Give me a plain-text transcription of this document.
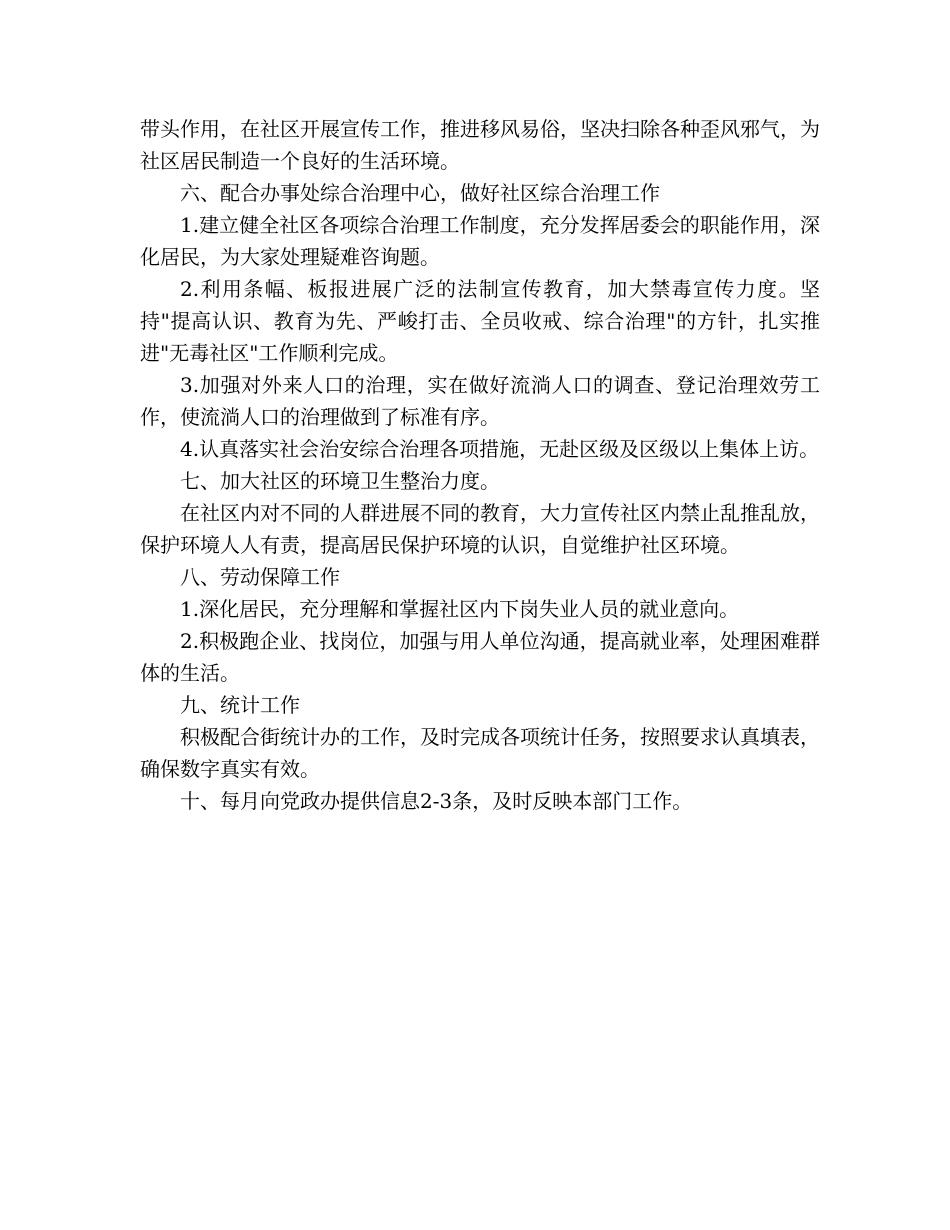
带头作用，在社区开展宣传工作，推进移风易俗，坚决扫除各种歪风邪气，为社区居民制造一个良好的生活环境。

六、配合办事处综合治理中心，做好社区综合治理工作

1.建立健全社区各项综合治理工作制度，充分发挥居委会的职能作用，深化居民，为大家处理疑难咨询题。

2.利用条幅、板报进展广泛的法制宣传教育，加大禁毒宣传力度。坚持"提高认识、教育为先、严峻打击、全员收戒、综合治理"的方针，扎实推进"无毒社区"工作顺利完成。

3.加强对外来人口的治理，实在做好流淌人口的调查、登记治理效劳工作，使流淌人口的治理做到了标准有序。

4.认真落实社会治安综合治理各项措施，无赴区级及区级以上集体上访。

七、加大社区的环境卫生整治力度。

在社区内对不同的人群进展不同的教育，大力宣传社区内禁止乱推乱放，保护环境人人有责，提高居民保护环境的认识，自觉维护社区环境。

八、劳动保障工作

1.深化居民，充分理解和掌握社区内下岗失业人员的就业意向。

2.积极跑企业、找岗位，加强与用人单位沟通，提高就业率，处理困难群体的生活。

九、统计工作

积极配合街统计办的工作，及时完成各项统计任务，按照要求认真填表，确保数字真实有效。

十、每月向党政办提供信息2-3条，及时反映本部门工作。
